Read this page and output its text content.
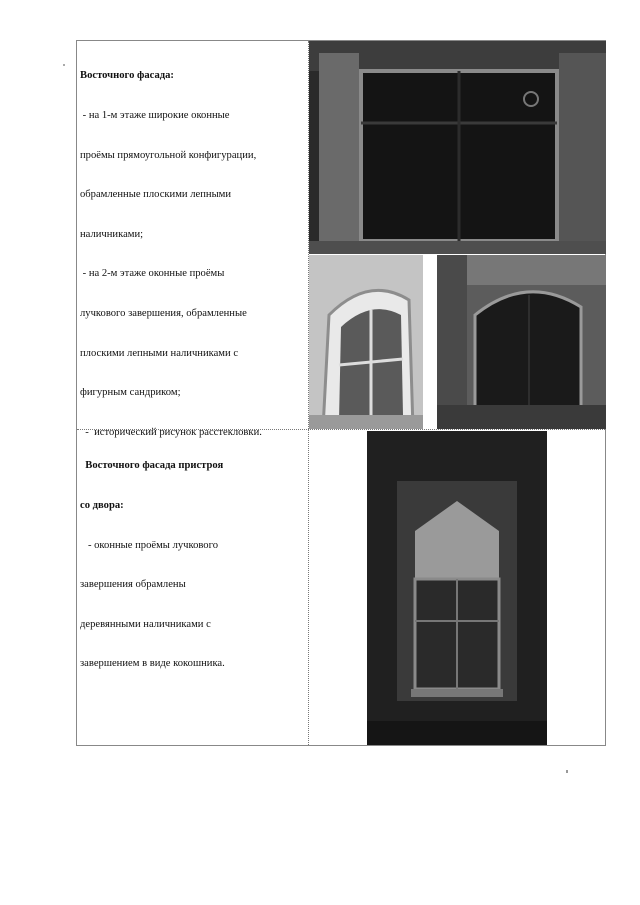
Восточного фасада:

- на 1-м этаже широкие оконные

проёмы прямоугольной конфигурации,

обрамленные плоскими лепными

наличниками;

- на 2-м этаже оконные проёмы

лучкового завершения, обрамленные

плоскими лепными наличниками с

фигурным сандриком;

-  исторический рисунок расстекловки.

Восточного фасада пристроя

со двора:

- оконные проёмы лучкового

завершения обрамлены

деревянными наличниками с

завершением в виде кокошника.
